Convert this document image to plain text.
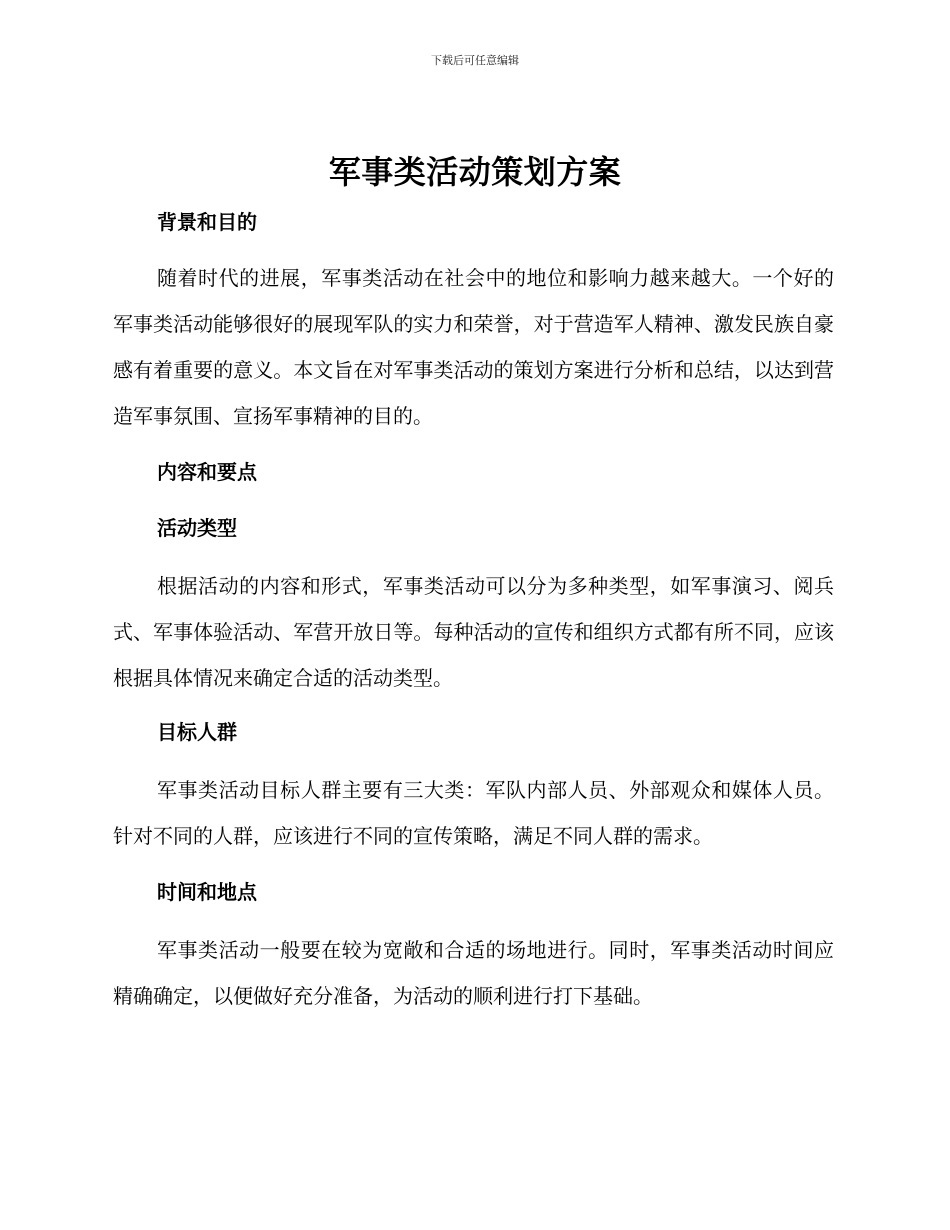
下载后可任意编辑
军事类活动策划方案
背景和目的
随着时代的进展，军事类活动在社会中的地位和影响力越来越大。一个好的军事类活动能够很好的展现军队的实力和荣誉，对于营造军人精神、激发民族自豪感有着重要的意义。本文旨在对军事类活动的策划方案进行分析和总结，以达到营造军事氛围、宣扬军事精神的目的。
内容和要点
活动类型
根据活动的内容和形式，军事类活动可以分为多种类型，如军事演习、阅兵式、军事体验活动、军营开放日等。每种活动的宣传和组织方式都有所不同，应该根据具体情况来确定合适的活动类型。
目标人群
军事类活动目标人群主要有三大类：军队内部人员、外部观众和媒体人员。针对不同的人群，应该进行不同的宣传策略，满足不同人群的需求。
时间和地点
军事类活动一般要在较为宽敞和合适的场地进行。同时，军事类活动时间应精确确定，以便做好充分准备，为活动的顺利进行打下基础。
